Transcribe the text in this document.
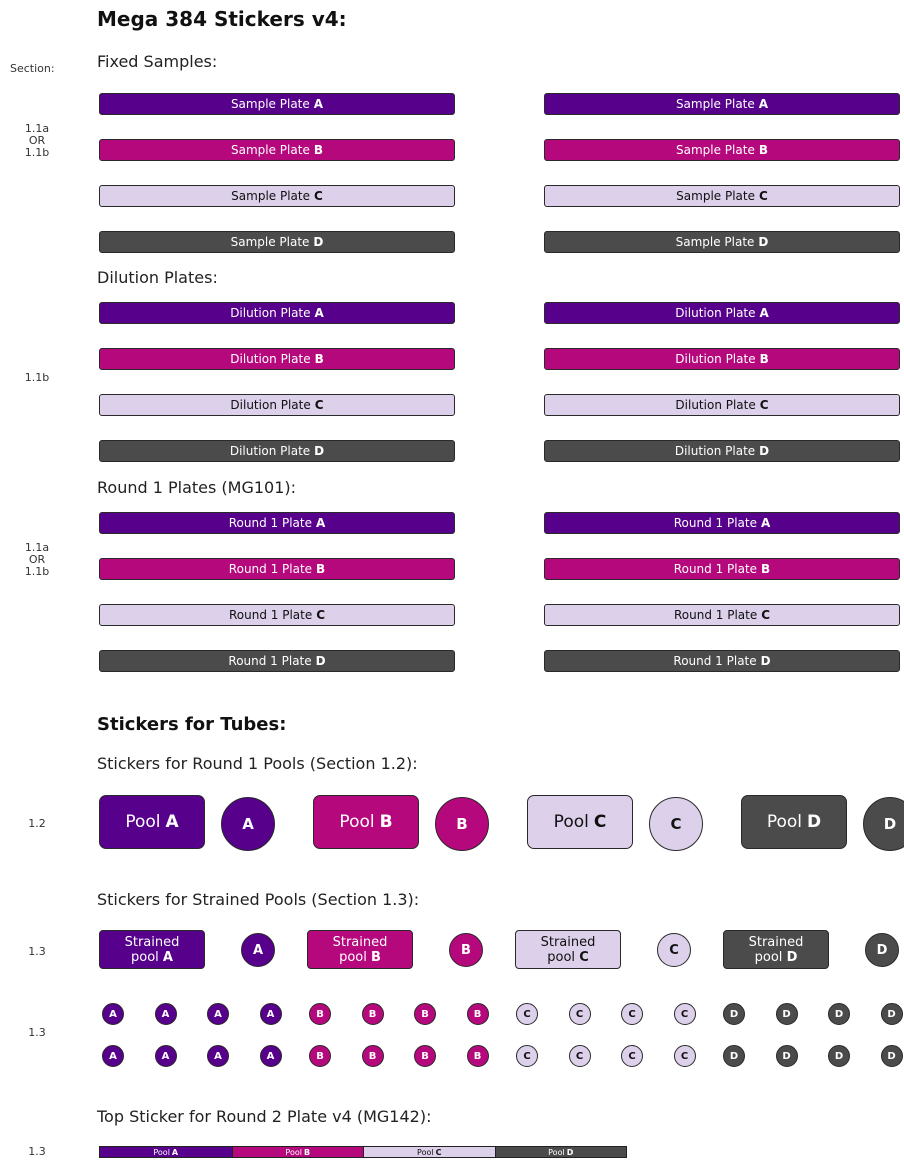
Mega 384 Stickers v4:
Section:	Fixed Samples:
1.1a
OR
1.1b
Sample Plate A	Sample Plate A
Sample Plate B	Sample Plate B
Sample Plate C	Sample Plate C
Sample Plate D	Sample Plate D
Dilution Plates:
1.1b
Dilution Plate A	Dilution Plate A
Dilution Plate B	Dilution Plate B
Dilution Plate C	Dilution Plate C
Dilution Plate D	Dilution Plate D
Round 1 Plates (MG101):
1.1a
OR
1.1b
Round 1 Plate A	Round 1 Plate A
Round 1 Plate B	Round 1 Plate B
Round 1 Plate C	Round 1 Plate C
Round 1 Plate D	Round 1 Plate D
Stickers for Tubes:
Stickers for Round 1 Pools (Section 1.2):
1.2	Pool A	A	Pool B	B	Pool C	C	Pool D	D
Stickers for Strained Pools (Section 1.3):
1.3
Strained
pool A	A
Strained
pool B	B
Strained
pool C	C
Strained
pool D	D
1.3
A	A	A	A	B	B	B	B	C	C	C	C	D	D	D	D
A	A	A	A	B	B	B	B	C	C	C	C	D	D	D	D
Top Sticker for Round 2 Plate v4 (MG142):
1.3	Pool A	Pool B	Pool C	Pool D
